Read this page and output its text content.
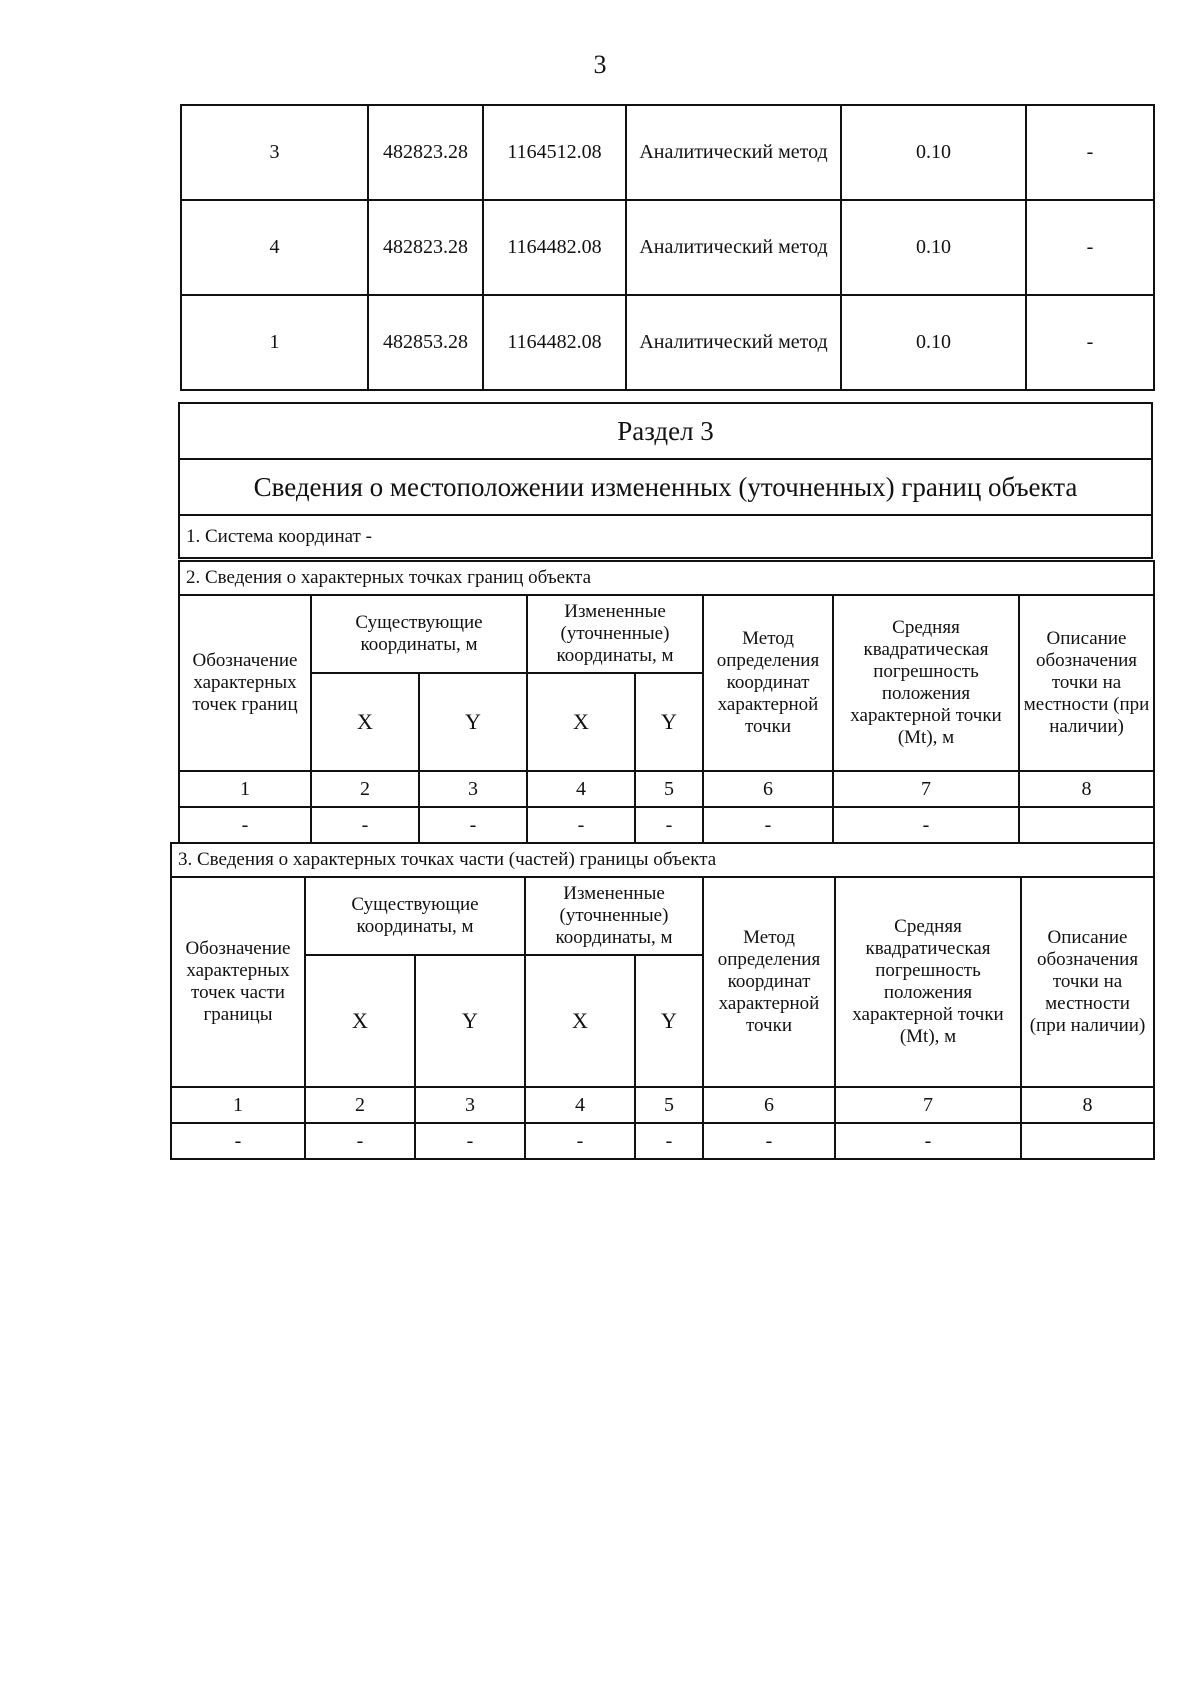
3
3	482823.28	1164512.08	Аналитический метод	0.10	-
4	482823.28	1164482.08	Аналитический метод	0.10	-
1	482853.28	1164482.08	Аналитический метод	0.10	-
Раздел 3
Сведения о местоположении измененных (уточненных) границ объекта
1. Система координат -
2. Сведения о характерных точках границ объекта							
Обозначение характерных точек границ	Существующие координаты, м		Измененные (уточненные) координаты, м		Метод определения координат характерной точки	Средняя квадратическая погрешность положения характерной точки (Mt), м	Описание обозначения точки на местности (при наличии)
	X	Y	X	Y			
1	2	3	4	5	6	7	8
-	-	-	-	-	-	-	
3. Сведения о характерных точках части (частей) границы объекта							
Обозначение характерных точек части границы	Существующие координаты, м		Измененные (уточненные) координаты, м		Метод определения координат характерной точки	Средняя квадратическая погрешность положения характерной точки (Mt), м	Описание обозначения точки на местности (при наличии)
	X	Y	X	Y			
1	2	3	4	5	6	7	8
-	-	-	-	-	-	-	
